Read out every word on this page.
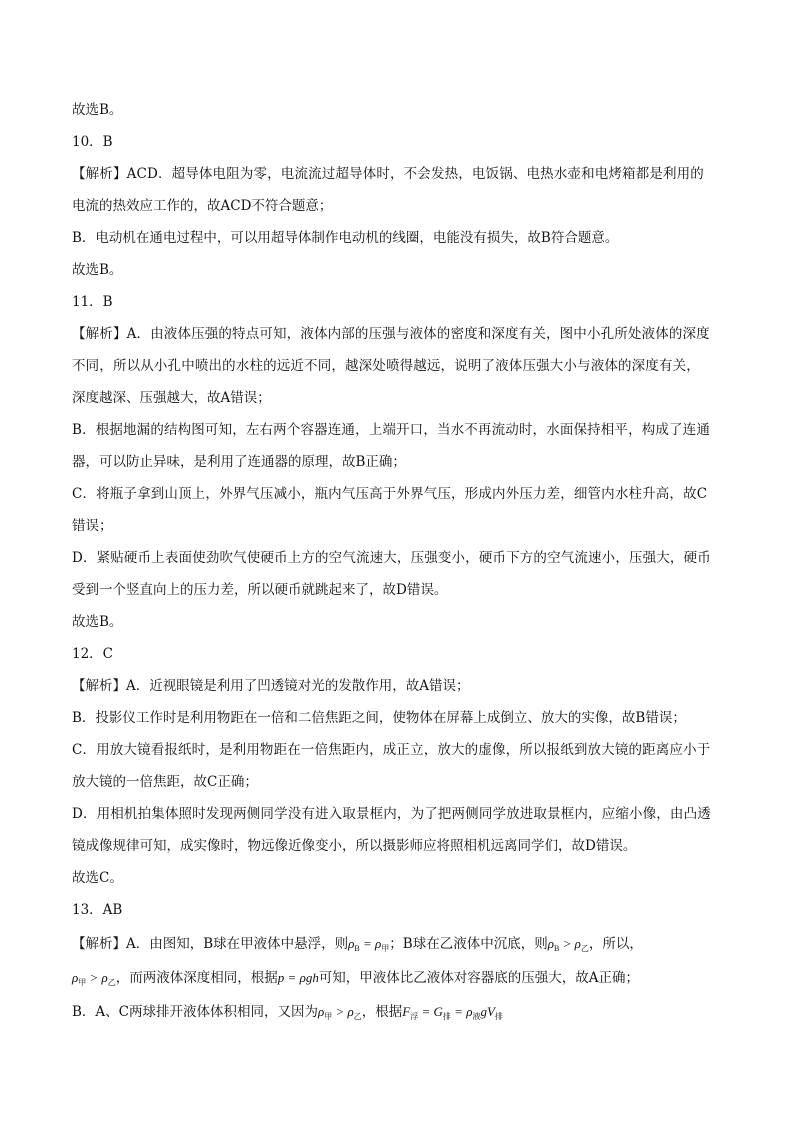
故选B。
10．B
【解析】ACD．超导体电阻为零，电流流过超导体时，不会发热，电饭锅、电热水壶和电烤箱都是利用的
电流的热效应工作的，故ACD不符合题意；
B．电动机在通电过程中，可以用超导体制作电动机的线圈，电能没有损失，故B符合题意。
故选B。
11．B
【解析】A．由液体压强的特点可知，液体内部的压强与液体的密度和深度有关，图中小孔所处液体的深度
不同，所以从小孔中喷出的水柱的远近不同，越深处喷得越远，说明了液体压强大小与液体的深度有关，
深度越深、压强越大，故A错误；
B．根据地漏的结构图可知，左右两个容器连通，上端开口，当水不再流动时，水面保持相平，构成了连通
器，可以防止异味，是利用了连通器的原理，故B正确；
C．将瓶子拿到山顶上，外界气压减小，瓶内气压高于外界气压，形成内外压力差，细管内水柱升高，故C
错误；
D．紧贴硬币上表面使劲吹气使硬币上方的空气流速大，压强变小，硬币下方的空气流速小，压强大，硬币
受到一个竖直向上的压力差，所以硬币就跳起来了，故D错误。
故选B。
12．C
【解析】A．近视眼镜是利用了凹透镜对光的发散作用，故A错误；
B．投影仪工作时是利用物距在一倍和二倍焦距之间，使物体在屏幕上成倒立、放大的实像，故B错误；
C．用放大镜看报纸时，是利用物距在一倍焦距内，成正立，放大的虚像，所以报纸到放大镜的距离应小于
放大镜的一倍焦距，故C正确；
D．用相机拍集体照时发现两侧同学没有进入取景框内，为了把两侧同学放进取景框内，应缩小像，由凸透
镜成像规律可知，成实像时，物远像近像变小，所以摄影师应将照相机远离同学们，故D错误。
故选C。
13．AB
【解析】A．由图知，B球在甲液体中悬浮，则$\rho_B = \rho_甲$；B球在乙液体中沉底，则$\rho_B > \rho_乙$，所以，
$\rho_甲 > \rho_乙$，而两液体深度相同，根据p = ρgh可知，甲液体比乙液体对容器底的压强大，故A正确；
B．A、C两球排开液体体积相同，又因为$\rho_甲 > \rho_乙$，根据$F_浮 = G_排 = \rho_液gV_排$
